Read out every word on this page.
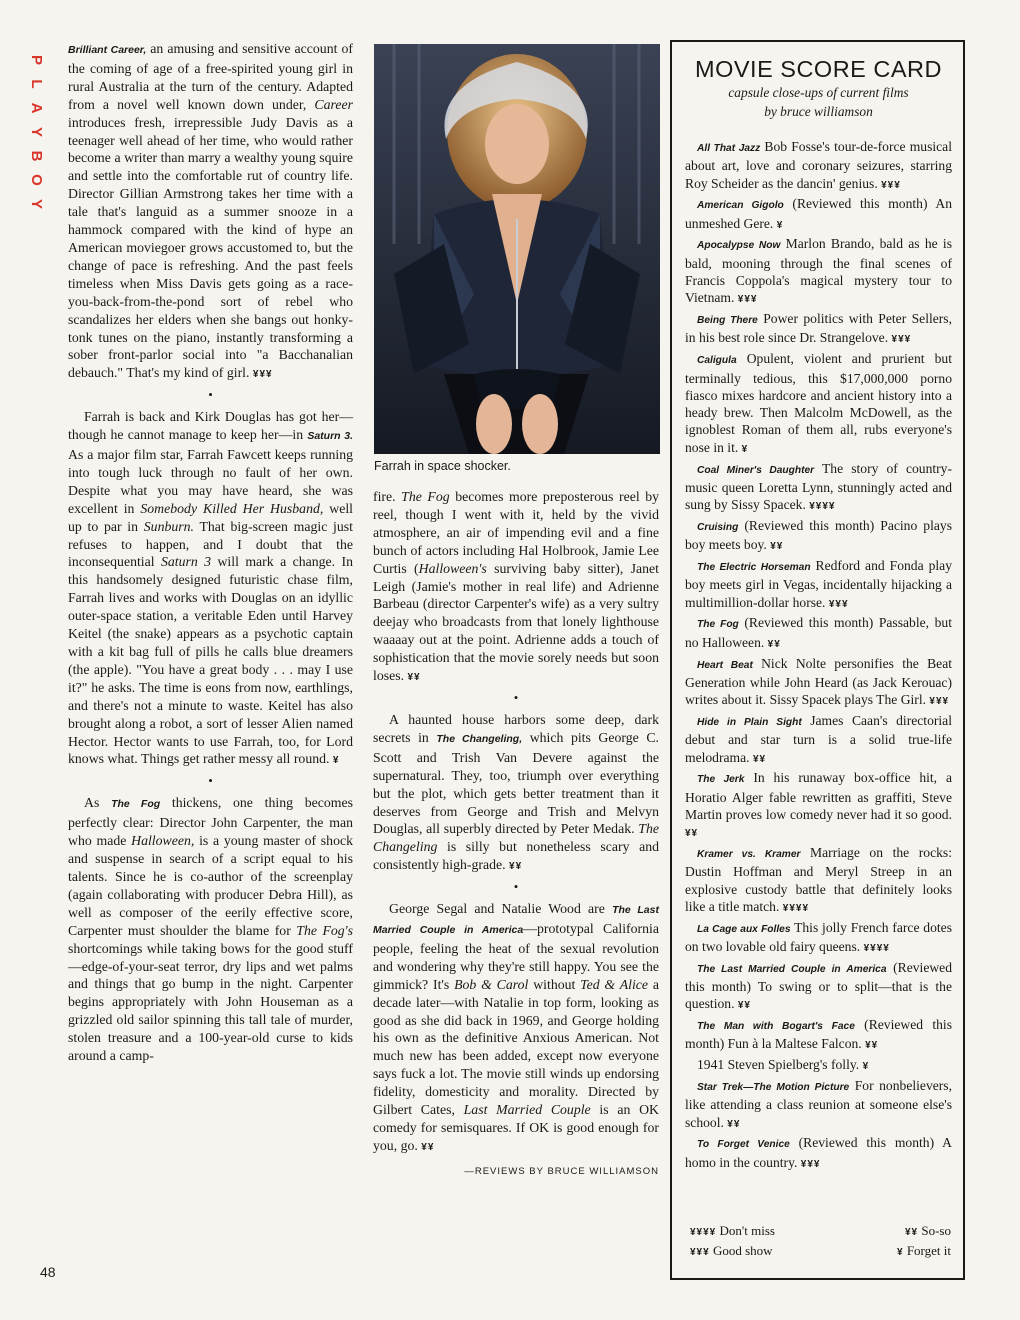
P
L
A
Y
B
O
Y

Brilliant Career, an amusing and sensitive account of the coming of age of a free-spirited young girl in rural Australia at the turn of the century. Adapted from a novel well known down under, Career introduces fresh, irrepressible Judy Davis as a teenager well ahead of her time, who would rather become a writer than marry a wealthy young squire and settle into the comfortable rut of country life. Director Gillian Armstrong takes her time with a tale that's languid as a summer snooze in a hammock compared with the kind of hype an American moviegoer grows accustomed to, but the change of pace is refreshing. And the past feels timeless when Miss Davis gets going as a race-you-back-from-the-pond sort of rebel who scandalizes her elders when she bangs out honky-tonk tunes on the piano, instantly transforming a sober front-parlor social into "a Bacchanalian debauch." That's my kind of girl. ¥¥¥

•

Farrah is back and Kirk Douglas has got her—though he cannot manage to keep her—in Saturn 3. As a major film star, Farrah Fawcett keeps running into tough luck through no fault of her own. Despite what you may have heard, she was excellent in Somebody Killed Her Husband, well up to par in Sunburn. That big-screen magic just refuses to happen, and I doubt that the inconsequential Saturn 3 will mark a change. In this handsomely designed futuristic chase film, Farrah lives and works with Douglas on an idyllic outer-space station, a veritable Eden until Harvey Keitel (the snake) appears as a psychotic captain with a kit bag full of pills he calls blue dreamers (the apple). "You have a great body . . . may I use it?" he asks. The time is eons from now, earthlings, and there's not a minute to waste. Keitel has also brought along a robot, a sort of lesser Alien named Hector. Hector wants to use Farrah, too, for Lord knows what. Things get rather messy all round. ¥

•

As The Fog thickens, one thing becomes perfectly clear: Director John Carpenter, the man who made Halloween, is a young master of shock and suspense in search of a script equal to his talents. Since he is co-author of the screenplay (again collaborating with producer Debra Hill), as well as composer of the eerily effective score, Carpenter must shoulder the blame for The Fog's shortcomings while taking bows for the good stuff—edge-of-your-seat terror, dry lips and wet palms and things that go bump in the night. Carpenter begins appropriately with John Houseman as a grizzled old sailor spinning this tall tale of murder, stolen treasure and a 100-year-old curse to kids around a camp-

Farrah in space shocker.

fire. The Fog becomes more preposterous reel by reel, though I went with it, held by the vivid atmosphere, an air of impending evil and a fine bunch of actors including Hal Holbrook, Jamie Lee Curtis (Halloween's surviving baby sitter), Janet Leigh (Jamie's mother in real life) and Adrienne Barbeau (director Carpenter's wife) as a very sultry deejay who broadcasts from that lonely lighthouse waaaay out at the point. Adrienne adds a touch of sophistication that the movie sorely needs but soon loses. ¥¥

•

A haunted house harbors some deep, dark secrets in The Changeling, which pits George C. Scott and Trish Van Devere against the supernatural. They, too, triumph over everything but the plot, which gets better treatment than it deserves from George and Trish and Melvyn Douglas, all superbly directed by Peter Medak. The Changeling is silly but nonetheless scary and consistently high-grade. ¥¥

•

George Segal and Natalie Wood are The Last Married Couple in America—prototypal California people, feeling the heat of the sexual revolution and wondering why they're still happy. You see the gimmick? It's Bob & Carol without Ted & Alice a decade later—with Natalie in top form, looking as good as she did back in 1969, and George holding his own as the definitive Anxious American. Not much new has been added, except now everyone says fuck a lot. The movie still winds up endorsing fidelity, domesticity and morality. Directed by Gilbert Cates, Last Married Couple is an OK comedy for semisquares. If OK is good enough for you, go. ¥¥

—REVIEWS BY BRUCE WILLIAMSON

MOVIE SCORE CARD
capsule close-ups of current films
by bruce williamson

All That Jazz Bob Fosse's tour-de-force musical about art, love and coronary seizures, starring Roy Scheider as the dancin' genius. ¥¥¥

American Gigolo (Reviewed this month) An unmeshed Gere. ¥

Apocalypse Now Marlon Brando, bald as he is bald, mooning through the final scenes of Francis Coppola's magical mystery tour to Vietnam. ¥¥¥

Being There Power politics with Peter Sellers, in his best role since Dr. Strangelove. ¥¥¥

Caligula Opulent, violent and prurient but terminally tedious, this $17,000,000 porno fiasco mixes hardcore and ancient history into a heady brew. Then Malcolm McDowell, as the ignoblest Roman of them all, rubs everyone's nose in it. ¥

Coal Miner's Daughter The story of country-music queen Loretta Lynn, stunningly acted and sung by Sissy Spacek. ¥¥¥¥

Cruising (Reviewed this month) Pacino plays boy meets boy. ¥¥

The Electric Horseman Redford and Fonda play boy meets girl in Vegas, incidentally hijacking a multimillion-dollar horse. ¥¥¥

The Fog (Reviewed this month) Passable, but no Halloween. ¥¥

Heart Beat Nick Nolte personifies the Beat Generation while John Heard (as Jack Kerouac) writes about it. Sissy Spacek plays The Girl. ¥¥¥

Hide in Plain Sight James Caan's directorial debut and star turn is a solid true-life melodrama. ¥¥

The Jerk In his runaway box-office hit, a Horatio Alger fable rewritten as graffiti, Steve Martin proves low comedy never had it so good. ¥¥

Kramer vs. Kramer Marriage on the rocks: Dustin Hoffman and Meryl Streep in an explosive custody battle that definitely looks like a title match. ¥¥¥¥

La Cage aux Folles This jolly French farce dotes on two lovable old fairy queens. ¥¥¥¥

The Last Married Couple in America (Reviewed this month) To swing or to split—that is the question. ¥¥

The Man with Bogart's Face (Reviewed this month) Fun à la Maltese Falcon. ¥¥

1941 Steven Spielberg's folly. ¥

Star Trek—The Motion Picture For nonbelievers, like attending a class reunion at someone else's school. ¥¥

To Forget Venice (Reviewed this month) A homo in the country. ¥¥¥

¥¥¥¥ Don't miss	¥¥ So-so
¥¥¥ Good show	¥ Forget it
48
